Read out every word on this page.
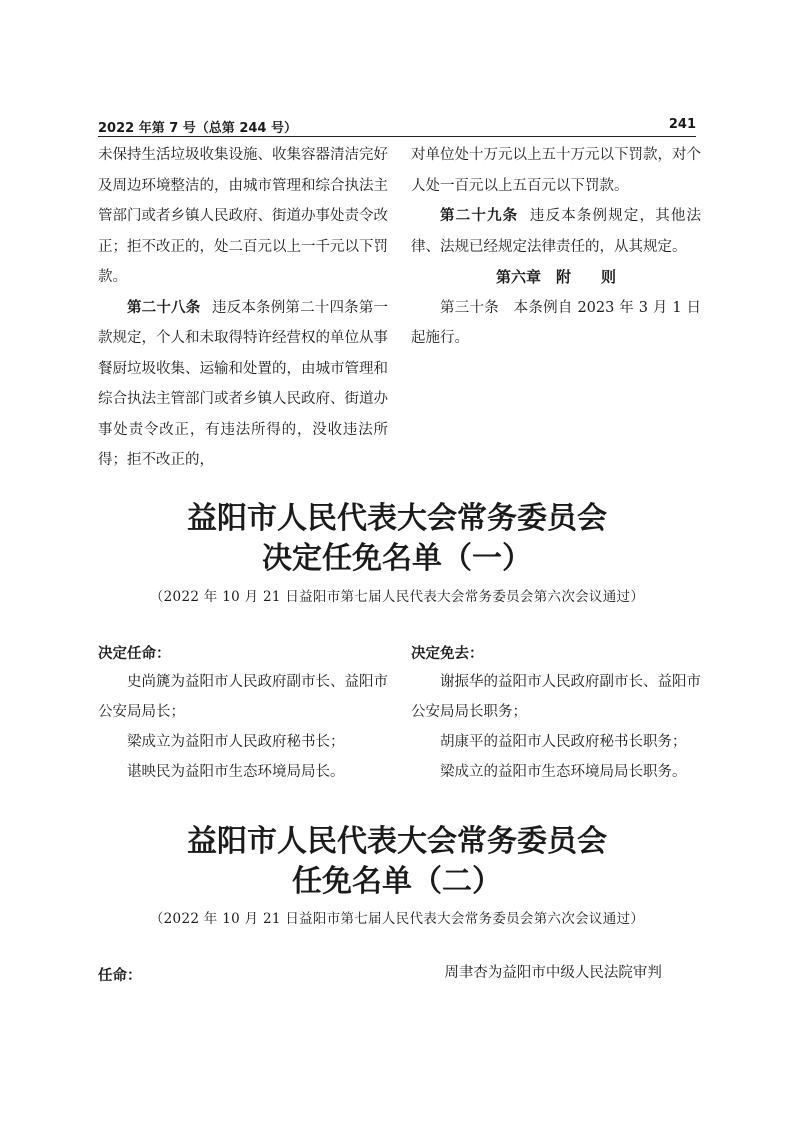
2022 年第 7 号（总第 244 号）	241

未保持生活垃圾收集设施、收集容器清洁完好及周边环境整洁的，由城市管理和综合执法主管部门或者乡镇人民政府、街道办事处责令改正；拒不改正的，处二百元以上一千元以下罚款。

第二十八条 违反本条例第二十四条第一款规定，个人和未取得特许经营权的单位从事餐厨垃圾收集、运输和处置的，由城市管理和综合执法主管部门或者乡镇人民政府、街道办事处责令改正，有违法所得的，没收违法所得；拒不改正的，

对单位处十万元以上五十万元以下罚款，对个人处一百元以上五百元以下罚款。

第二十九条 违反本条例规定，其他法律、法规已经规定法律责任的，从其规定。

第六章 附　　则

第三十条　本条例自 2023 年 3 月 1 日起施行。

益阳市人民代表大会常务委员会
决定任免名单（一）
（2022 年 10 月 21 日益阳市第七届人民代表大会常务委员会第六次会议通过）
决定任命：

史尚篪为益阳市人民政府副市长、益阳市公安局局长；

梁成立为益阳市人民政府秘书长；

谌映民为益阳市生态环境局局长。

决定免去：

谢振华的益阳市人民政府副市长、益阳市公安局局长职务；

胡康平的益阳市人民政府秘书长职务；

梁成立的益阳市生态环境局局长职务。

益阳市人民代表大会常务委员会
任免名单（二）
（2022 年 10 月 21 日益阳市第七届人民代表大会常务委员会第六次会议通过）
任命：	周聿杏为益阳市中级人民法院审判
